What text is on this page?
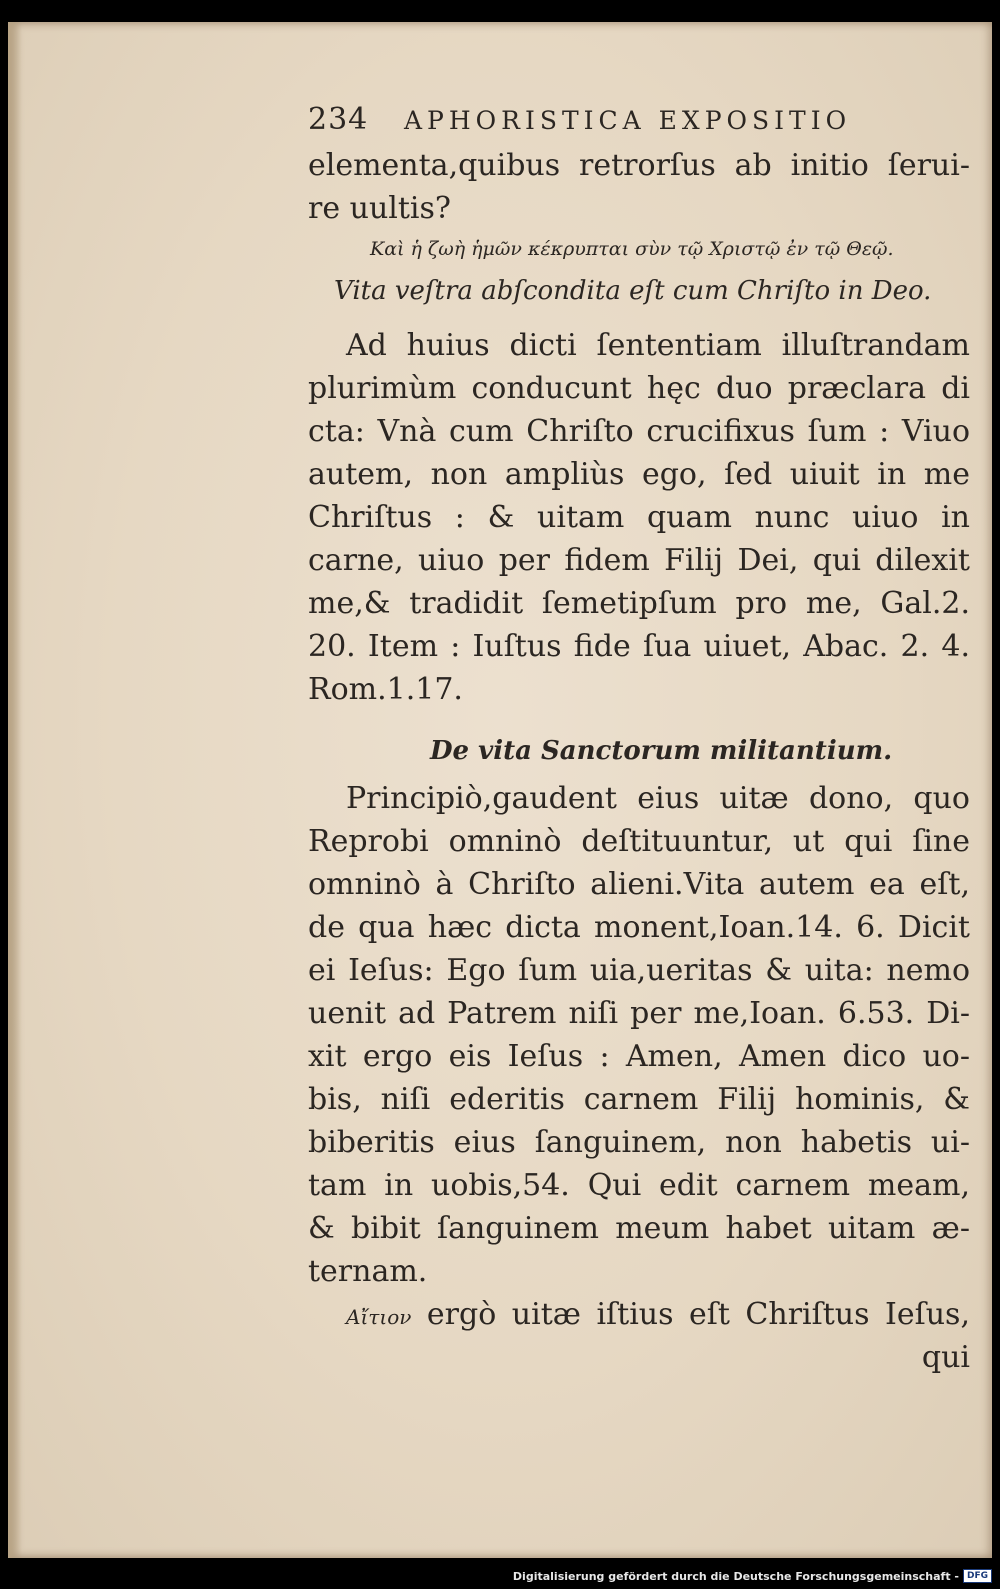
234	APHORISTICA EXPOSITIO
elementa,quibus retrorſus ab initio ſerui-
re uultis?
Καὶ ἡ ζωὴ ἡμῶν κέκρυπται σὺν τῷ Χριστῷ ἐν τῷ Θεῷ.
Vita veſtra abſcondita eſt cum Chriſto in Deo.
Ad huius dicti ſententiam illuſtrandam
plurimùm conducunt hęc duo præclara di
cta: Vnà cum Chriſto crucifixus ſum : Viuo
autem, non ampliùs ego, ſed uiuit in me
Chriſtus : & uitam quam nunc uiuo in
carne, uiuo per fidem Filij Dei, qui dilexit
me,& tradidit ſemetipſum pro me, Gal.2.
20. Item : Iuſtus fide ſua uiuet, Abac. 2. 4.
Rom.1.17.
De vita Sanctorum militantium.
Principiò,gaudent eius uitæ dono, quo
Reprobi omninò deſtituuntur, ut qui ſine
omninò à Chriſto alieni.Vita autem ea eſt,
de qua hæc dicta monent,Ioan.14. 6. Dicit
ei Ieſus: Ego ſum uia,ueritas & uita: nemo
uenit ad Patrem niſi per me,Ioan. 6.53. Di-
xit ergo eis Ieſus : Amen, Amen dico uo-
bis, niſi ederitis carnem Filij hominis, &
biberitis eius ſanguinem, non habetis ui-
tam in uobis,54. Qui edit carnem meam,
& bibit ſanguinem meum habet uitam æ-
ternam.
Αἴτιον ergò uitæ iſtius eſt Chriſtus Ieſus,
qui
Digitalisierung gefördert durch die Deutsche Forschungsgemeinschaft - DFG
